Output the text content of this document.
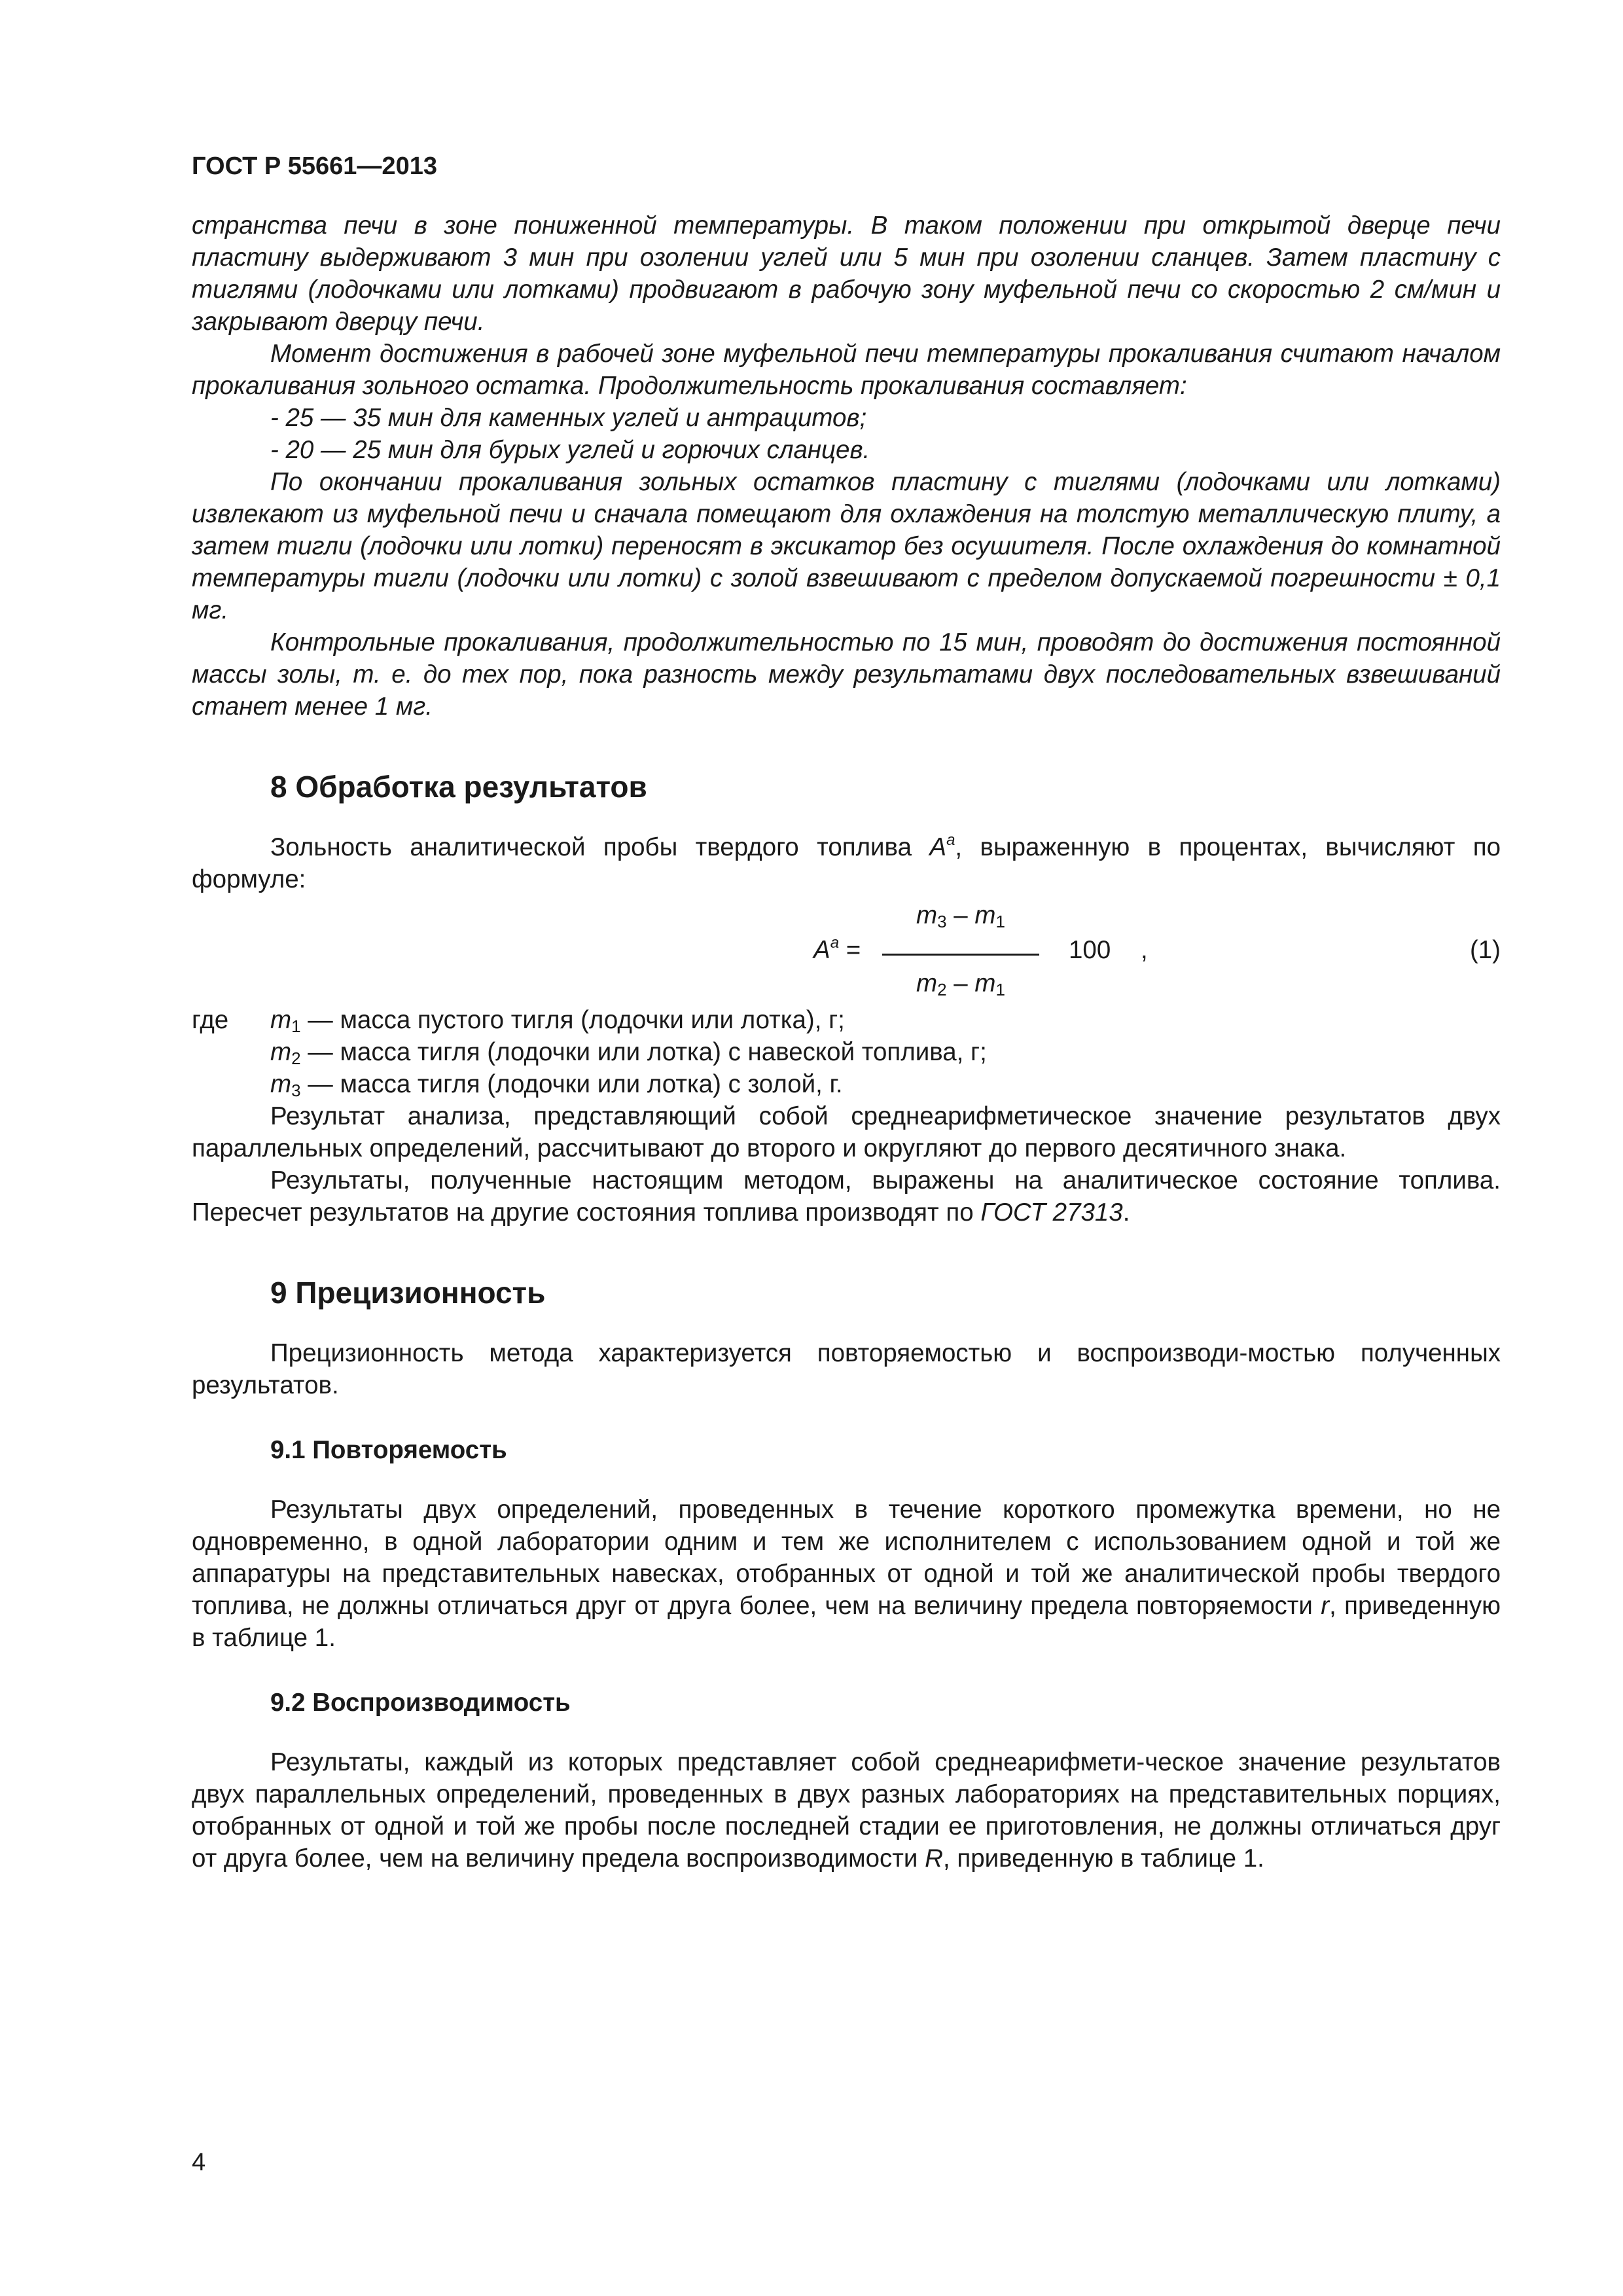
ГОСТ Р 55661—2013

странства печи в зоне пониженной температуры. В таком положении при открытой дверце печи пластину выдерживают 3 мин при озолении углей или 5 мин при озолении сланцев. Затем пластину с тиглями (лодочками или лотками) продвигают в рабочую зону муфельной печи со скоростью 2 см/мин и закрывают дверцу печи.

Момент достижения в рабочей зоне муфельной печи температуры прокаливания считают началом прокаливания зольного остатка. Продолжительность прокаливания составляет:

- 25 — 35 мин для каменных углей и антрацитов;
- 20 — 25 мин для бурых углей и горючих сланцев.

По окончании прокаливания зольных остатков пластину с тиглями (лодочками или лотками) извлекают из муфельной печи и сначала помещают для охлаждения на толстую металлическую плиту, а затем тигли (лодочки или лотки) переносят в эксикатор без осушителя. После охлаждения до комнатной температуры тигли (лодочки или лотки) с золой взвешивают с пределом допускаемой погрешности ± 0,1 мг.

Контрольные прокаливания, продолжительностью по 15 мин, проводят до достижения постоянной массы золы, т. е. до тех пор, пока разность между результатами двух последовательных взвешиваний станет менее 1 мг.

8 Обработка результатов

Зольность аналитической пробы твердого топлива $A^a$, выраженную в процентах, вычисляют по формуле:

$A^a$ =
$m_3 - m_1$
$m_2 - m_1$
100 ,	(1)
где $m_1$ — масса пустого тигля (лодочки или лотка), г;
$m_2$ — масса тигля (лодочки или лотка) с навеской топлива, г;
$m_3$ — масса тигля (лодочки или лотка) с золой, г.

Результат анализа, представляющий собой среднеарифметическое значение результатов двух параллельных определений, рассчитывают до второго и округляют до первого десятичного знака.

Результаты, полученные настоящим методом, выражены на аналитическое состояние топлива. Пересчет результатов на другие состояния топлива производят по ГОСТ 27313.

9 Прецизионность

Прецизионность метода характеризуется повторяемостью и воспроизводи-мостью полученных результатов.

9.1 Повторяемость

Результаты двух определений, проведенных в течение короткого промежутка времени, но не одновременно, в одной лаборатории одним и тем же исполнителем с использованием одной и той же аппаратуры на представительных навесках, отобранных от одной и той же аналитической пробы твердого топлива, не должны отличаться друг от друга более, чем на величину предела повторяемости r, приведенную в таблице 1.

9.2 Воспроизводимость

Результаты, каждый из которых представляет собой среднеарифмети-ческое значение результатов двух параллельных определений, проведенных в двух разных лабораториях на представительных порциях, отобранных от одной и той же пробы после последней стадии ее приготовления, не должны отличаться друг от друга более, чем на величину предела воспроизводимости R, приведенную в таблице 1.

4
